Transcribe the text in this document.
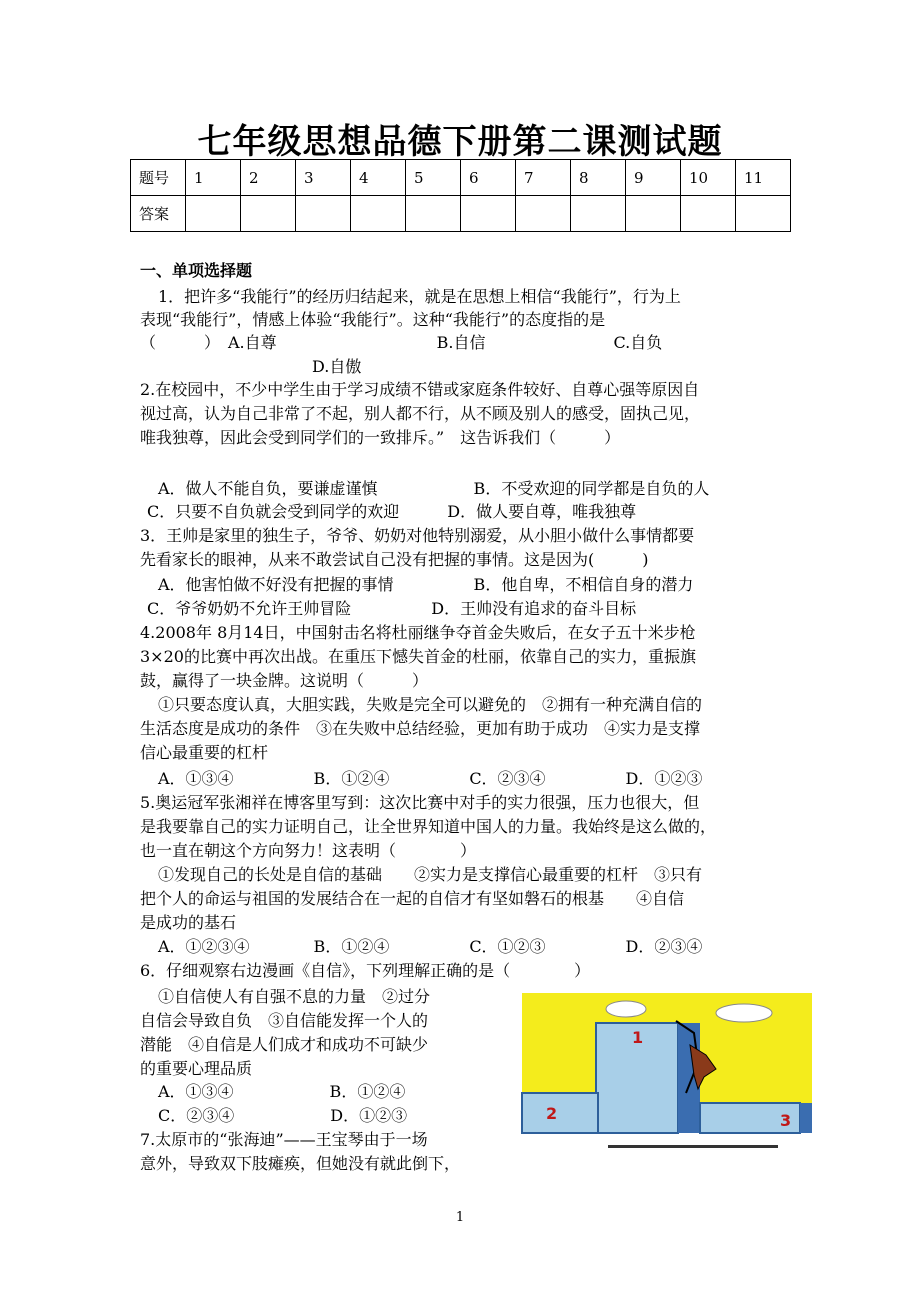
七年级思想品德下册第二课测试题
题号	1	2	3	4	5	6	7	8	9	10	11
答案											
一、单项选择题
1．把许多“我能行”的经历归结起来，就是在思想上相信“我能行”，行为上
表现“我能行”，情感上体验“我能行”。这种“我能行”的态度指的是
（　　　）　A.自尊　　　　　　　　　　B.自信　　　　　　　　C.自负
D.自傲
2.在校园中，不少中学生由于学习成绩不错或家庭条件较好、自尊心强等原因自
视过高，认为自己非常了不起，别人都不行，从不顾及别人的感受，固执己见，
唯我独尊，因此会受到同学们的一致排斥。”　这告诉我们（　　　）
A．做人不能自负，要谦虚谨慎　　　　　　B．不受欢迎的同学都是自负的人
C．只要不自负就会受到同学的欢迎　　　D．做人要自尊，唯我独尊
3．王帅是家里的独生子，爷爷、奶奶对他特别溺爱，从小胆小做什么事情都要
先看家长的眼神，从来不敢尝试自己没有把握的事情。这是因为(　　　)
A．他害怕做不好没有把握的事情　　　　　B．他自卑，不相信自身的潜力
C．爷爷奶奶不允许王帅冒险　　　　　D．王帅没有追求的奋斗目标
4.2008年 8月14日，中国射击名将杜丽继争夺首金失败后，在女子五十米步枪
3×20的比赛中再次出战。在重压下憾失首金的杜丽，依靠自己的实力，重振旗
鼓，赢得了一块金牌。这说明（　　　）
①只要态度认真，大胆实践，失败是完全可以避免的　②拥有一种充满自信的
生活态度是成功的条件　③在失败中总结经验，更加有助于成功　④实力是支撑
信心最重要的杠杆
A．①③④　　　　　B．①②④　　　　　C．②③④　　　　　D．①②③
5.奥运冠军张湘祥在博客里写到：这次比赛中对手的实力很强，压力也很大，但
是我要靠自己的实力证明自己，让全世界知道中国人的力量。我始终是这么做的，
也一直在朝这个方向努力！这表明（　　　　）
①发现自己的长处是自信的基础　　②实力是支撑信心最重要的杠杆　③只有
把个人的命运与祖国的发展结合在一起的自信才有坚如磐石的根基　　④自信
是成功的基石
A．①②③④　　　　B．①②④　　　　　C．①②③　　　　　D．②③④
6．仔细观察右边漫画《自信》，下列理解正确的是（　　　　）
①自信使人有自强不息的力量　②过分
自信会导致自负　③自信能发挥一个人的
潜能　④自信是人们成才和成功不可缺少
的重要心理品质
A．①③④　　　　　　B．①②④
C．②③④　　　　　　D．①②③
7.太原市的“张海迪”——王宝琴由于一场
意外，导致双下肢瘫痪，但她没有就此倒下，
1
2	3
1
